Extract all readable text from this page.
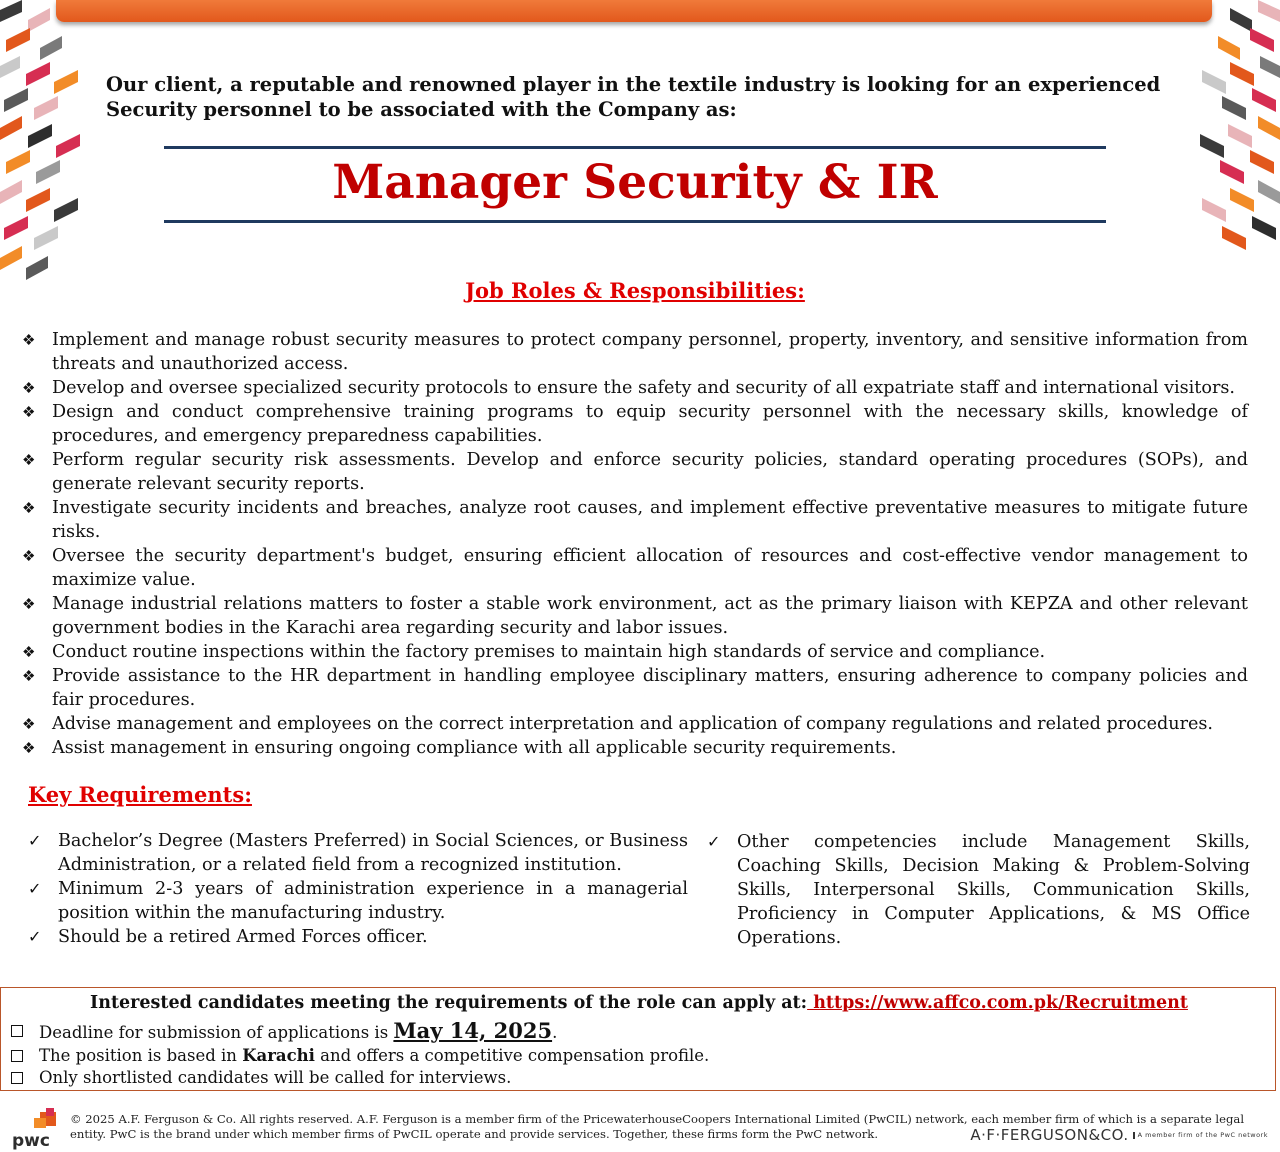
Our client, a reputable and renowned player in the textile industry is looking for an experienced Security personnel to be associated with the Company as:
Manager Security & IR
Job Roles & Responsibilities:
❖ Implement and manage robust security measures to protect company personnel, property, inventory, and sensitive information from threats and unauthorized access.
❖ Develop and oversee specialized security protocols to ensure the safety and security of all expatriate staff and international visitors.
❖ Design and conduct comprehensive training programs to equip security personnel with the necessary skills, knowledge of procedures, and emergency preparedness capabilities.
❖ Perform regular security risk assessments. Develop and enforce security policies, standard operating procedures (SOPs), and generate relevant security reports.
❖ Investigate security incidents and breaches, analyze root causes, and implement effective preventative measures to mitigate future risks.
❖ Oversee the security department's budget, ensuring efficient allocation of resources and cost-effective vendor management to maximize value.
❖ Manage industrial relations matters to foster a stable work environment, act as the primary liaison with KEPZA and other relevant government bodies in the Karachi area regarding security and labor issues.
❖ Conduct routine inspections within the factory premises to maintain high standards of service and compliance.
❖ Provide assistance to the HR department in handling employee disciplinary matters, ensuring adherence to company policies and fair procedures.
❖ Advise management and employees on the correct interpretation and application of company regulations and related procedures.
❖ Assist management in ensuring ongoing compliance with all applicable security requirements.
Key Requirements:
✓ Bachelor’s Degree (Masters Preferred) in Social Sciences, or Business Administration, or a related field from a recognized institution.
✓ Minimum 2-3 years of administration experience in a managerial position within the manufacturing industry.
✓ Should be a retired Armed Forces officer.
✓ Other competencies include Management Skills, Coaching Skills, Decision Making & Problem-Solving Skills, Interpersonal Skills, Communication Skills, Proficiency in Computer Applications, & MS Office Operations.
Interested candidates meeting the requirements of the role can apply at: https://www.affco.com.pk/Recruitment
Deadline for submission of applications is May 14, 2025.
The position is based in Karachi and offers a competitive compensation profile.
Only shortlisted candidates will be called for interviews.
pwc
© 2025 A.F. Ferguson & Co. All rights reserved. A.F. Ferguson is a member firm of the PricewaterhouseCoopers International Limited (PwCIL) network, each member firm of which is a separate legal entity. PwC is the brand under which member firms of PwCIL operate and provide services. Together, these firms form the PwC network.	A·F·FERGUSON&CO. A member firm of the PwC network
